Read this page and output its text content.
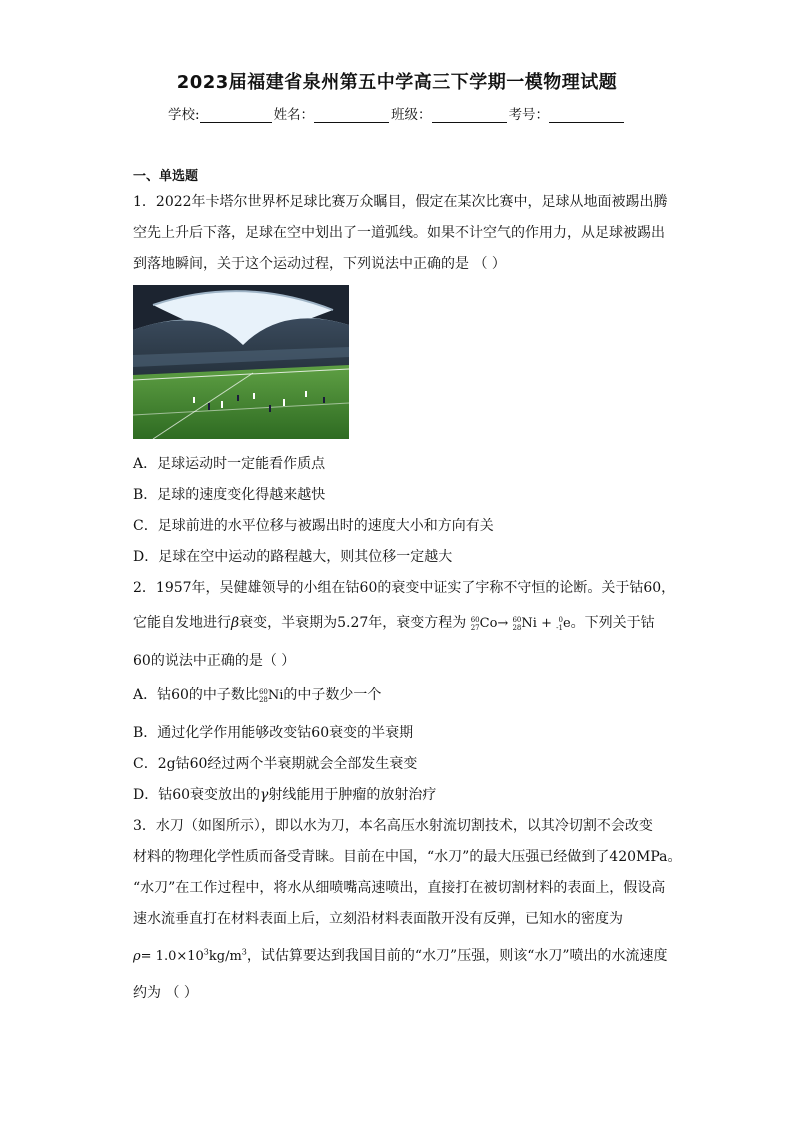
2023届福建省泉州第五中学高三下学期一模物理试题
学校:	姓名：	班级：	考号：
一、单选题
1．2022年卡塔尔世界杯足球比赛万众瞩目，假定在某次比赛中，足球从地面被踢出腾
空先上升后下落，足球在空中划出了一道弧线。如果不计空气的作用力，从足球被踢出
到落地瞬间，关于这个运动过程，下列说法中正确的是 （ ）
A．足球运动时一定能看作质点
B．足球的速度变化得越来越快
C．足球前进的水平位移与被踢出时的速度大小和方向有关
D．足球在空中运动的路程越大，则其位移一定越大
2．1957年，吴健雄领导的小组在钴60的衰变中证实了宇称不守恒的论断。关于钴60，
它能自发地进行β衰变，半衰期为5.27年，衰变方程为 60
27Co→ 60
28Ni + 0
-1e。下列关于钴
60的说法中正确的是（ ）
A．钴60的中子数比60
28Ni的中子数少一个
B．通过化学作用能够改变钴60衰变的半衰期
C．2g钴60经过两个半衰期就会全部发生衰变
D．钴60衰变放出的γ射线能用于肿瘤的放射治疗
3．水刀（如图所示），即以水为刀，本名高压水射流切割技术，以其冷切割不会改变
材料的物理化学性质而备受青睐。目前在中国，“水刀”的最大压强已经做到了420MPa。
“水刀”在工作过程中，将水从细喷嘴高速喷出，直接打在被切割材料的表面上，假设高
速水流垂直打在材料表面上后，立刻沿材料表面散开没有反弹，已知水的密度为
$\rho= 1.0\times 10^3kg/m^3$，试估算要达到我国目前的“水刀”压强，则该“水刀”喷出的水流速度
约为 （ ）
